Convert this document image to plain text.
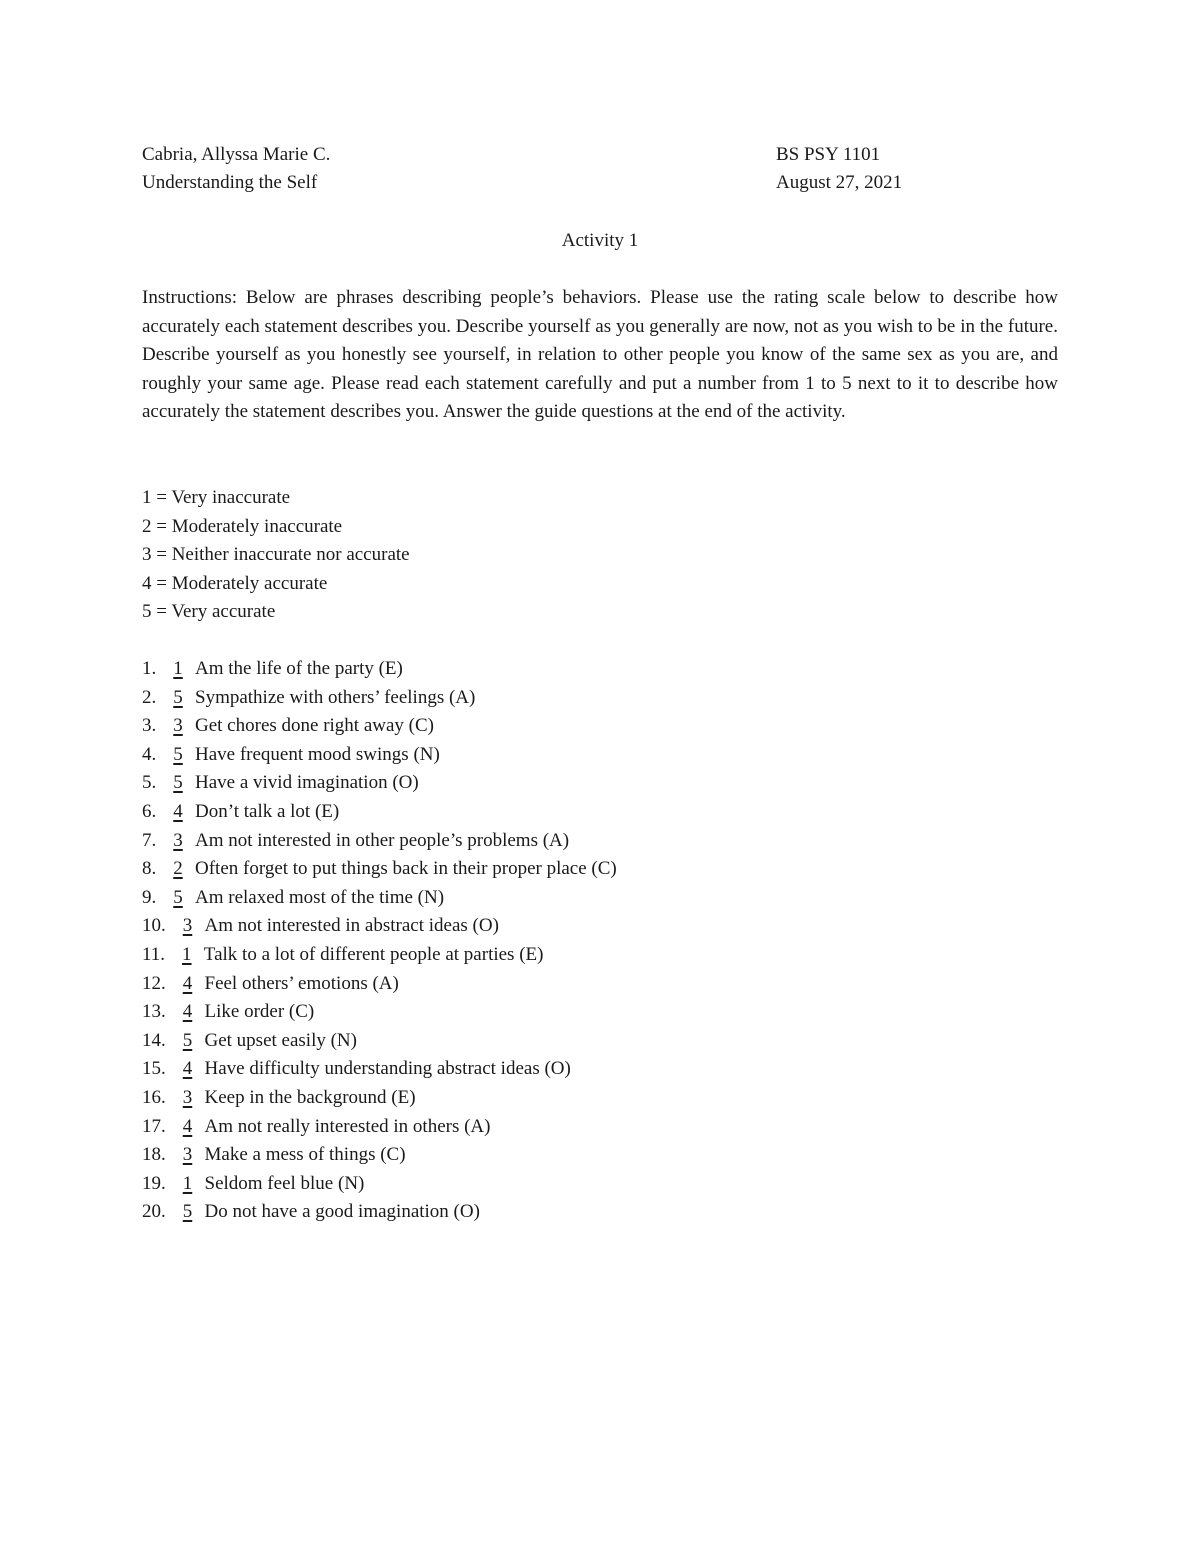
Cabria, Allyssa Marie C.	BS PSY 1101
Understanding the Self	August 27, 2021
Activity 1
Instructions: Below are phrases describing people’s behaviors. Please use the rating scale below to describe how accurately each statement describes you. Describe yourself as you generally are now, not as you wish to be in the future. Describe yourself as you honestly see yourself, in relation to other people you know of the same sex as you are, and roughly your same age. Please read each statement carefully and put a number from 1 to 5 next to it to describe how accurately the statement describes you. Answer the guide questions at the end of the activity.
1 = Very inaccurate
2 = Moderately inaccurate
3 = Neither inaccurate nor accurate
4 = Moderately accurate
5 = Very accurate
1. 1 Am the life of the party (E)
2. 5 Sympathize with others’ feelings (A)
3. 3 Get chores done right away (C)
4. 5 Have frequent mood swings (N)
5. 5 Have a vivid imagination (O)
6. 4 Don’t talk a lot (E)
7. 3 Am not interested in other people’s problems (A)
8. 2 Often forget to put things back in their proper place (C)
9. 5 Am relaxed most of the time (N)
10. 3 Am not interested in abstract ideas (O)
11. 1 Talk to a lot of different people at parties (E)
12. 4 Feel others’ emotions (A)
13. 4 Like order (C)
14. 5 Get upset easily (N)
15. 4 Have difficulty understanding abstract ideas (O)
16. 3 Keep in the background (E)
17. 4 Am not really interested in others (A)
18. 3 Make a mess of things (C)
19. 1 Seldom feel blue (N)
20. 5 Do not have a good imagination (O)
